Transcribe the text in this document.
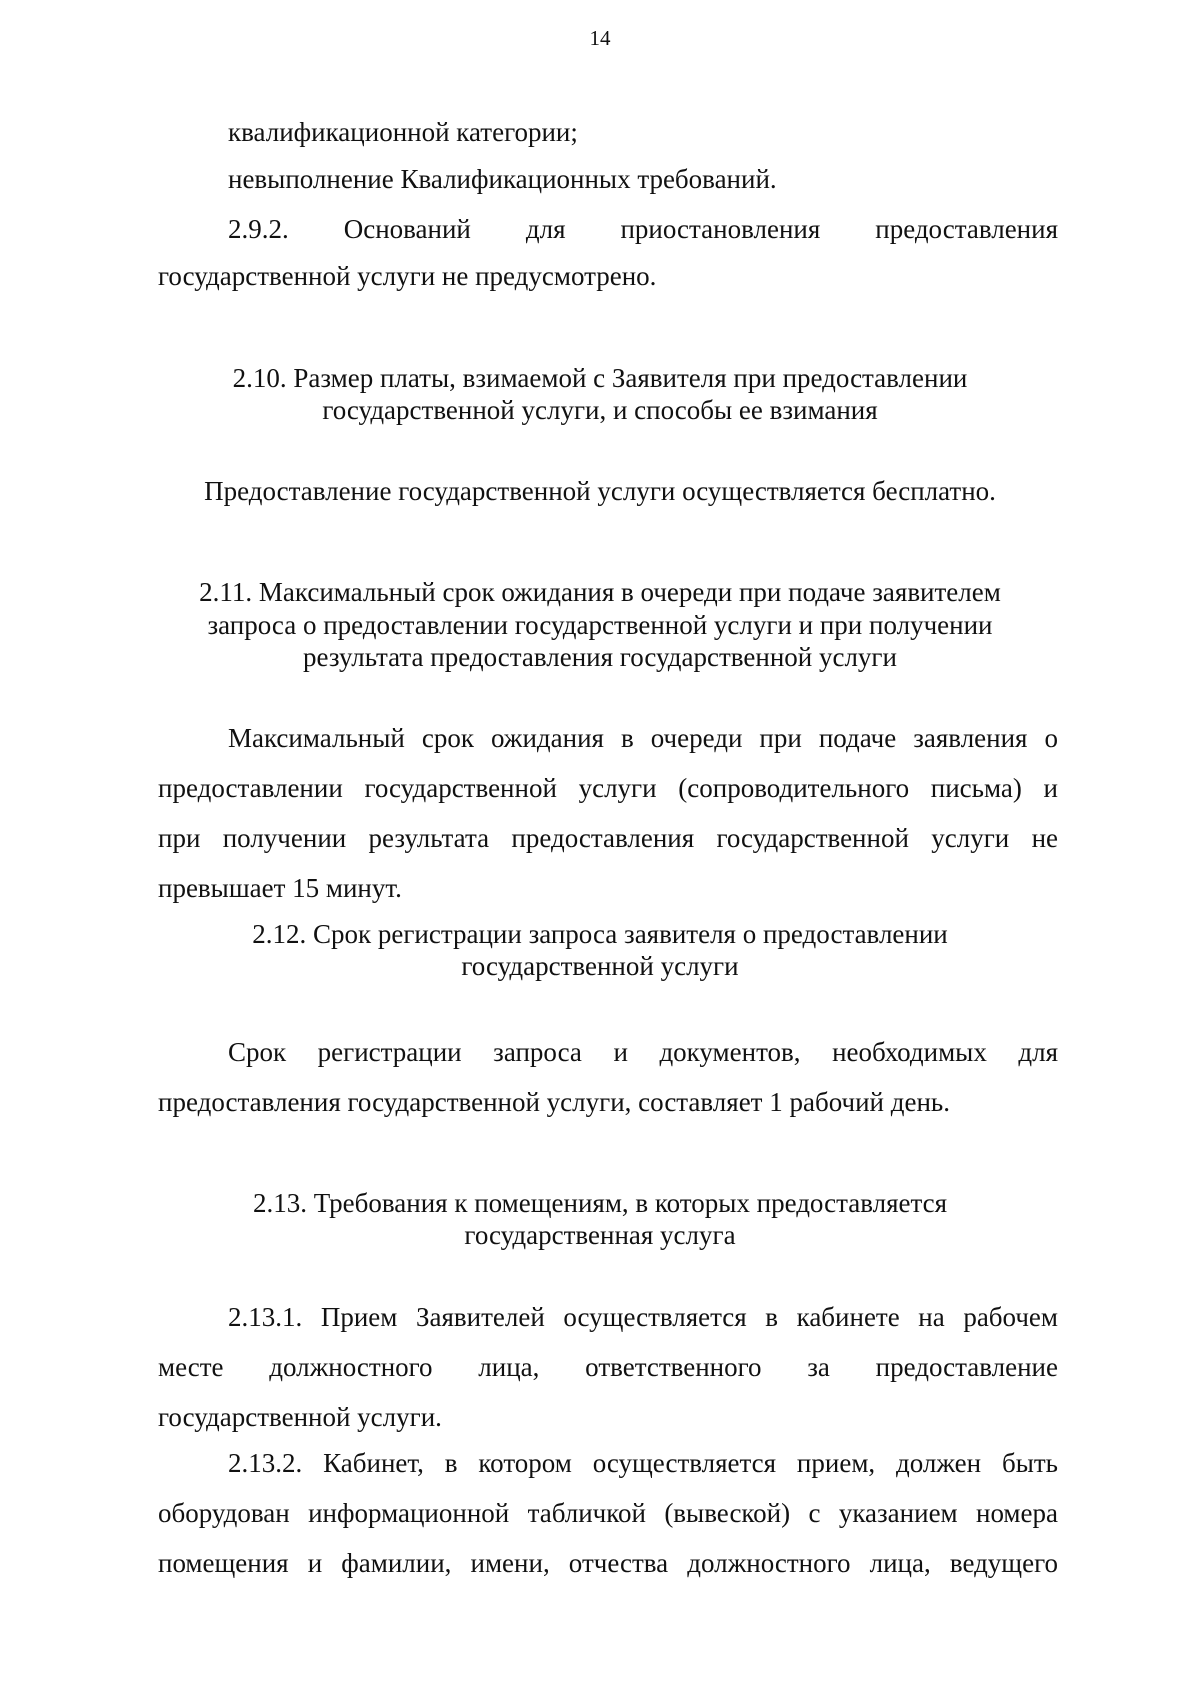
14
квалификационной категории;
невыполнение Квалификационных требований.
2.9.2. Оснований для приостановления предоставления
государственной услуги не предусмотрено.
2.10. Размер платы, взимаемой с Заявителя при предоставлении
государственной услуги, и способы ее взимания
Предоставление государственной услуги осуществляется бесплатно.
2.11. Максимальный срок ожидания в очереди при подаче заявителем
запроса о предоставлении государственной услуги и при получении
результата предоставления государственной услуги
Максимальный срок ожидания в очереди при подаче заявления о
предоставлении государственной услуги (сопроводительного письма) и
при получении результата предоставления государственной услуги не
превышает 15 минут.
2.12. Срок регистрации запроса заявителя о предоставлении
государственной услуги
Срок регистрации запроса и документов, необходимых для
предоставления государственной услуги, составляет 1 рабочий день.
2.13. Требования к помещениям, в которых предоставляется
государственная услуга
2.13.1. Прием Заявителей осуществляется в кабинете на рабочем
месте должностного лица, ответственного за предоставление
государственной услуги.
2.13.2. Кабинет, в котором осуществляется прием, должен быть
оборудован информационной табличкой (вывеской) с указанием номера
помещения и фамилии, имени, отчества должностного лица, ведущего
